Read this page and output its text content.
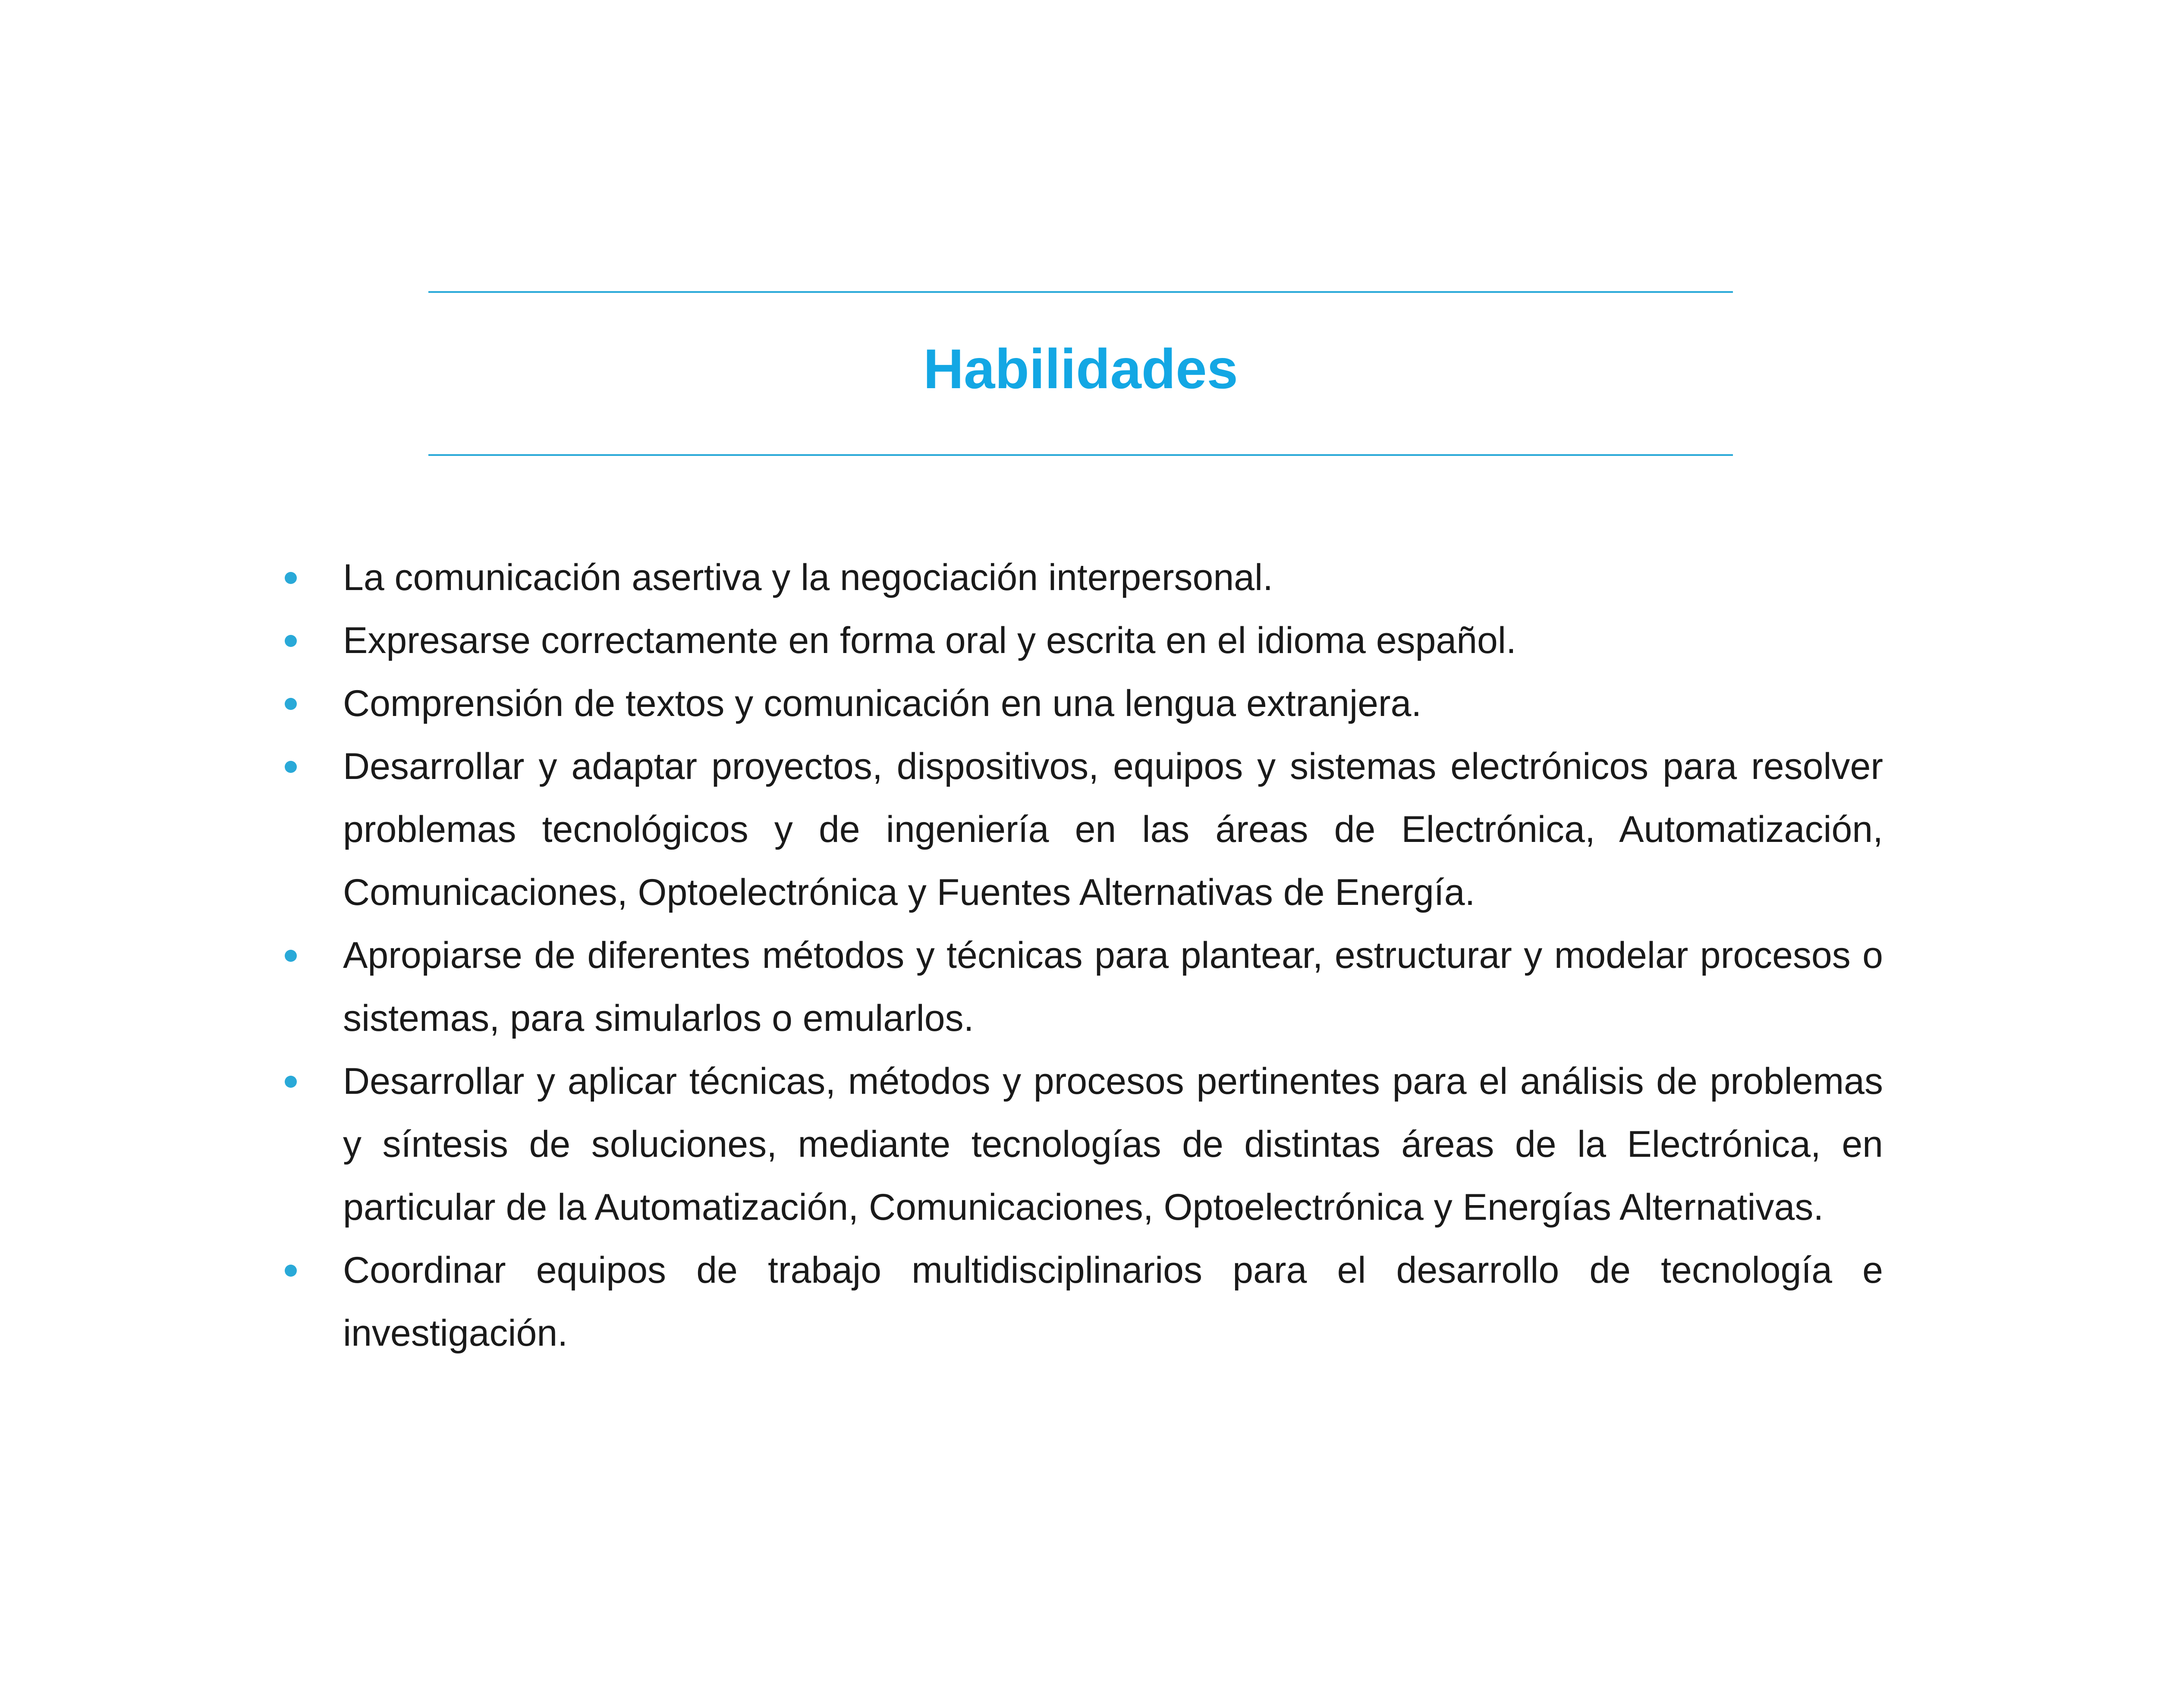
Habilidades
La comunicación asertiva y la negociación interpersonal.
Expresarse correctamente en forma oral y escrita en el idioma español.
Comprensión de textos y comunicación en una lengua extranjera.
Desarrollar y adaptar proyectos, dispositivos, equipos y sistemas electrónicos para resolver problemas tecnológicos y de ingeniería en las áreas de Electrónica, Automatización, Comunicaciones, Optoelectrónica y Fuentes Alternativas de Energía.
Apropiarse de diferentes métodos y técnicas para plantear, estructurar y modelar procesos o sistemas, para simularlos o emularlos.
Desarrollar y aplicar técnicas, métodos y procesos pertinentes para el análisis de problemas y síntesis de soluciones, mediante tecnologías de distintas áreas de la Electrónica, en particular de la Automatización, Comunicaciones, Optoelectrónica y Energías Alternativas.
Coordinar equipos de trabajo multidisciplinarios para el desarrollo de tecnología e investigación.
